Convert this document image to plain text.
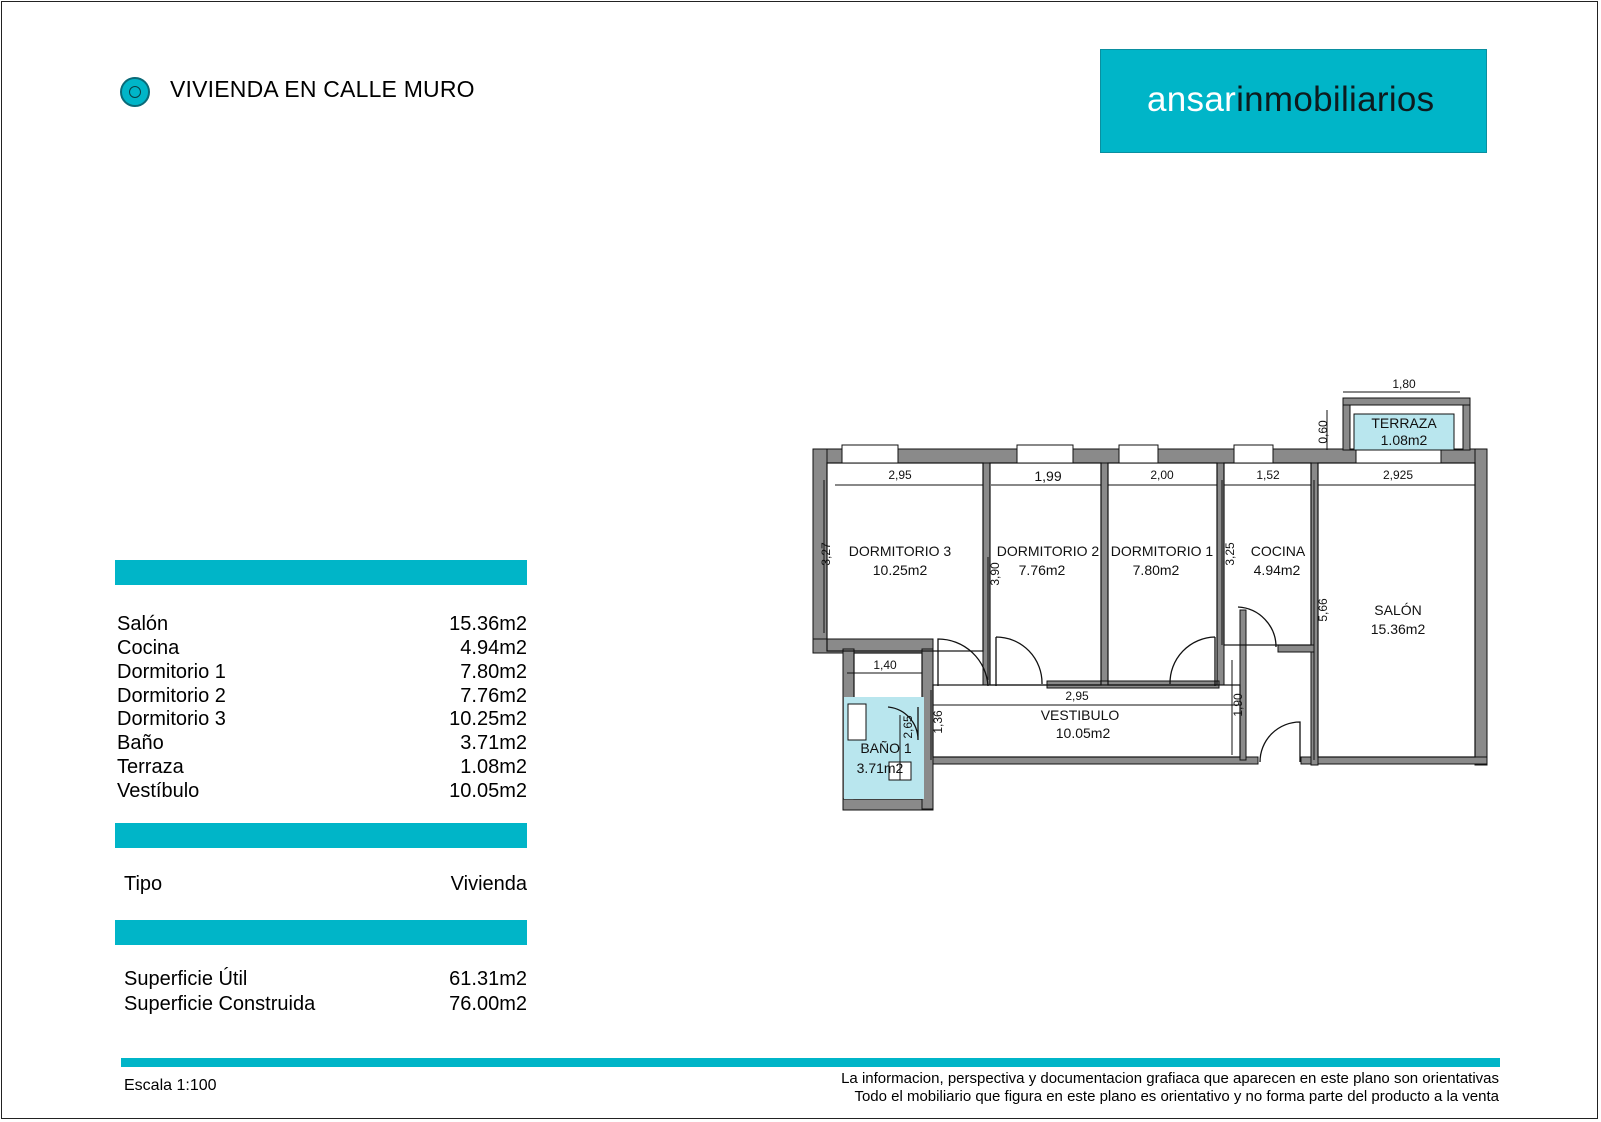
VIVIENDA EN CALLE MURO	ansarinmobiliarios
Salón	15.36m2
Cocina	4.94m2
Dormitorio 1	7.80m2
Dormitorio 2	7.76m2
Dormitorio 3	10.25m2
Baño	3.71m2
Terraza	1.08m2
Vestíbulo	10.05m2
Tipo	Vivienda
Superficie Útil	61.31m2
Superficie Construida	76.00m2
2,95	1,99	2,00	1,52	2,925
1,80
1,40
2,95
0,60
3,27
3,90
3,25
5,66
2,65 1,36
1,90
DORMITORIO 3
10.25m2
DORMITORIO 2
7.76m2
DORMITORIO 1
7.80m2
COCINA
4.94m2
SALÓN
15.36m2
TERRAZA
1.08m2
BAÑO 1
3.71m2
VESTIBULO
10.05m2
Escala 1:100	La informacion, perspectiva y documentacion grafiaca que aparecen en este plano son orientativas
Todo el mobiliario que figura en este plano es orientativo y no forma parte del producto a la venta
